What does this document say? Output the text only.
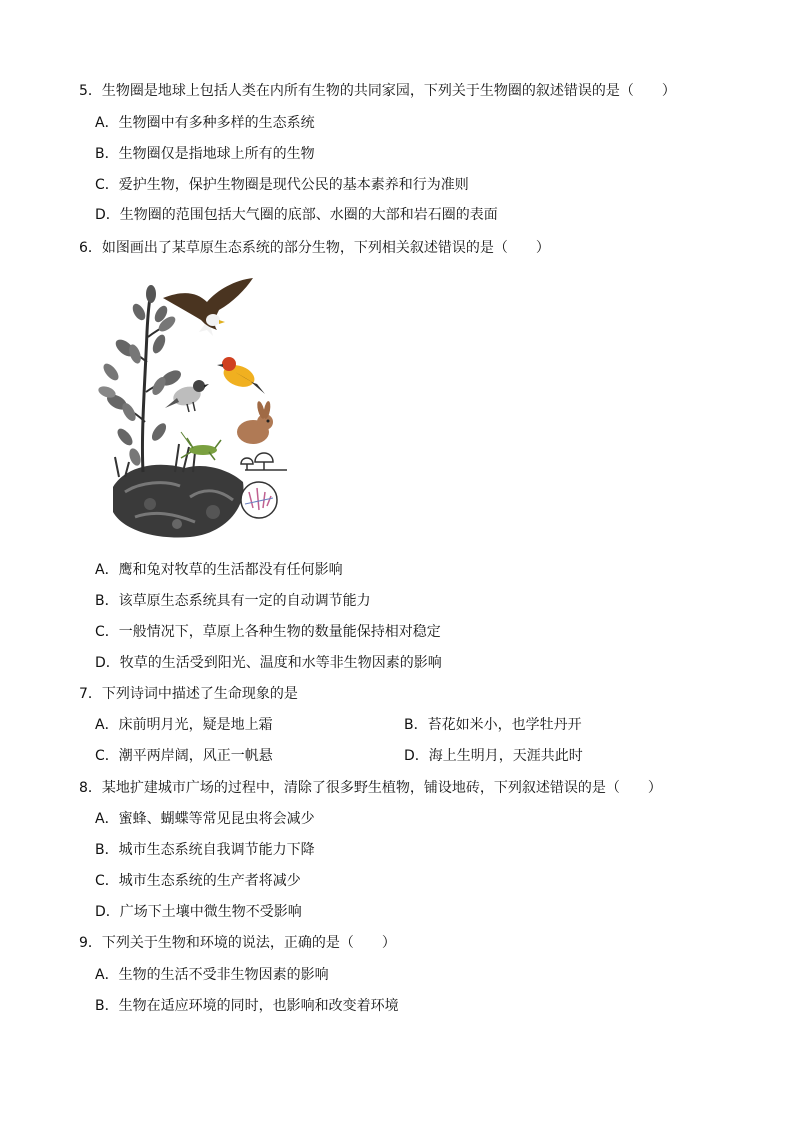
5．生物圈是地球上包括人类在内所有生物的共同家园，下列关于生物圈的叙述错误的是（　　）
A．生物圈中有多种多样的生态系统
B．生物圈仅是指地球上所有的生物
C．爱护生物，保护生物圈是现代公民的基本素养和行为准则
D．生物圈的范围包括大气圈的底部、水圈的大部和岩石圈的表面
6．如图画出了某草原生态系统的部分生物，下列相关叙述错误的是（　　）
A．鹰和兔对牧草的生活都没有任何影响
B．该草原生态系统具有一定的自动调节能力
C．一般情况下，草原上各种生物的数量能保持相对稳定
D．牧草的生活受到阳光、温度和水等非生物因素的影响
7．下列诗词中描述了生命现象的是
A．床前明月光，疑是地上霜	B．苔花如米小，也学牡丹开
C．潮平两岸阔，风正一帆悬	D．海上生明月，天涯共此时
8．某地扩建城市广场的过程中，清除了很多野生植物，铺设地砖，下列叙述错误的是（　　）
A．蜜蜂、蝴蝶等常见昆虫将会减少
B．城市生态系统自我调节能力下降
C．城市生态系统的生产者将减少
D．广场下土壤中微生物不受影响
9．下列关于生物和环境的说法，正确的是（　　）
A．生物的生活不受非生物因素的影响
B．生物在适应环境的同时，也影响和改变着环境
